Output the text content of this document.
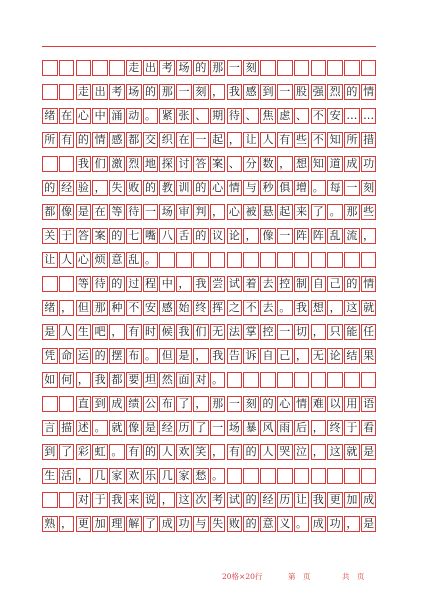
走 出 考 场 的 那 一 刻
走 出 考 场 的 那 一 刻 ， 我 感 到 一 股 强 烈 的 情
绪 在 心 中 涌 动 。 紧 张 、 期 待 、 焦 虑 、 不 安 … …
所 有 的 情 感 都 交 织 在 一 起 ， 让 人 有 些 不 知 所 措
我 们 激 烈 地 探 讨 答 案 、 分 数 ， 想 知 道 成 功
的 经 验 ， 失 败 的 教 训 的 心 情 与 秒 俱 增 。 每 一 刻
都 像 是 在 等 待 一 场 审 判 ， 心 被 悬 起 来 了 。 那 些
关 于 答 案 的 七 嘴 八 舌 的 议 论 ， 像 一 阵 阵 乱 流 ，
让 人 心 烦 意 乱 。
等 待 的 过 程 中 ， 我 尝 试 着 去 控 制 自 己 的 情
绪 ， 但 那 种 不 安 感 始 终 挥 之 不 去 。 我 想 ， 这 就
是 人 生 吧 ， 有 时 候 我 们 无 法 掌 控 一 切 ， 只 能 任
凭 命 运 的 摆 布 。 但 是 ， 我 告 诉 自 己 ， 无 论 结 果
如 何 ， 我 都 要 坦 然 面 对 。
直 到 成 绩 公 布 了 ， 那 一 刻 的 心 情 难 以 用 语
言 描 述 。 就 像 是 经 历 了 一 场 暴 风 雨 后 ， 终 于 看
到 了 彩 虹 。 有 的 人 欢 笑 ， 有 的 人 哭 泣 ， 这 就 是
生 活 ， 几 家 欢 乐 几 家 愁 。
对 于 我 来 说 ， 这 次 考 试 的 经 历 让 我 更 加 成
熟 ， 更 加 理 解 了 成 功 与 失 败 的 意 义 。 成 功 ， 是
20格×20行	第　页	共　页
